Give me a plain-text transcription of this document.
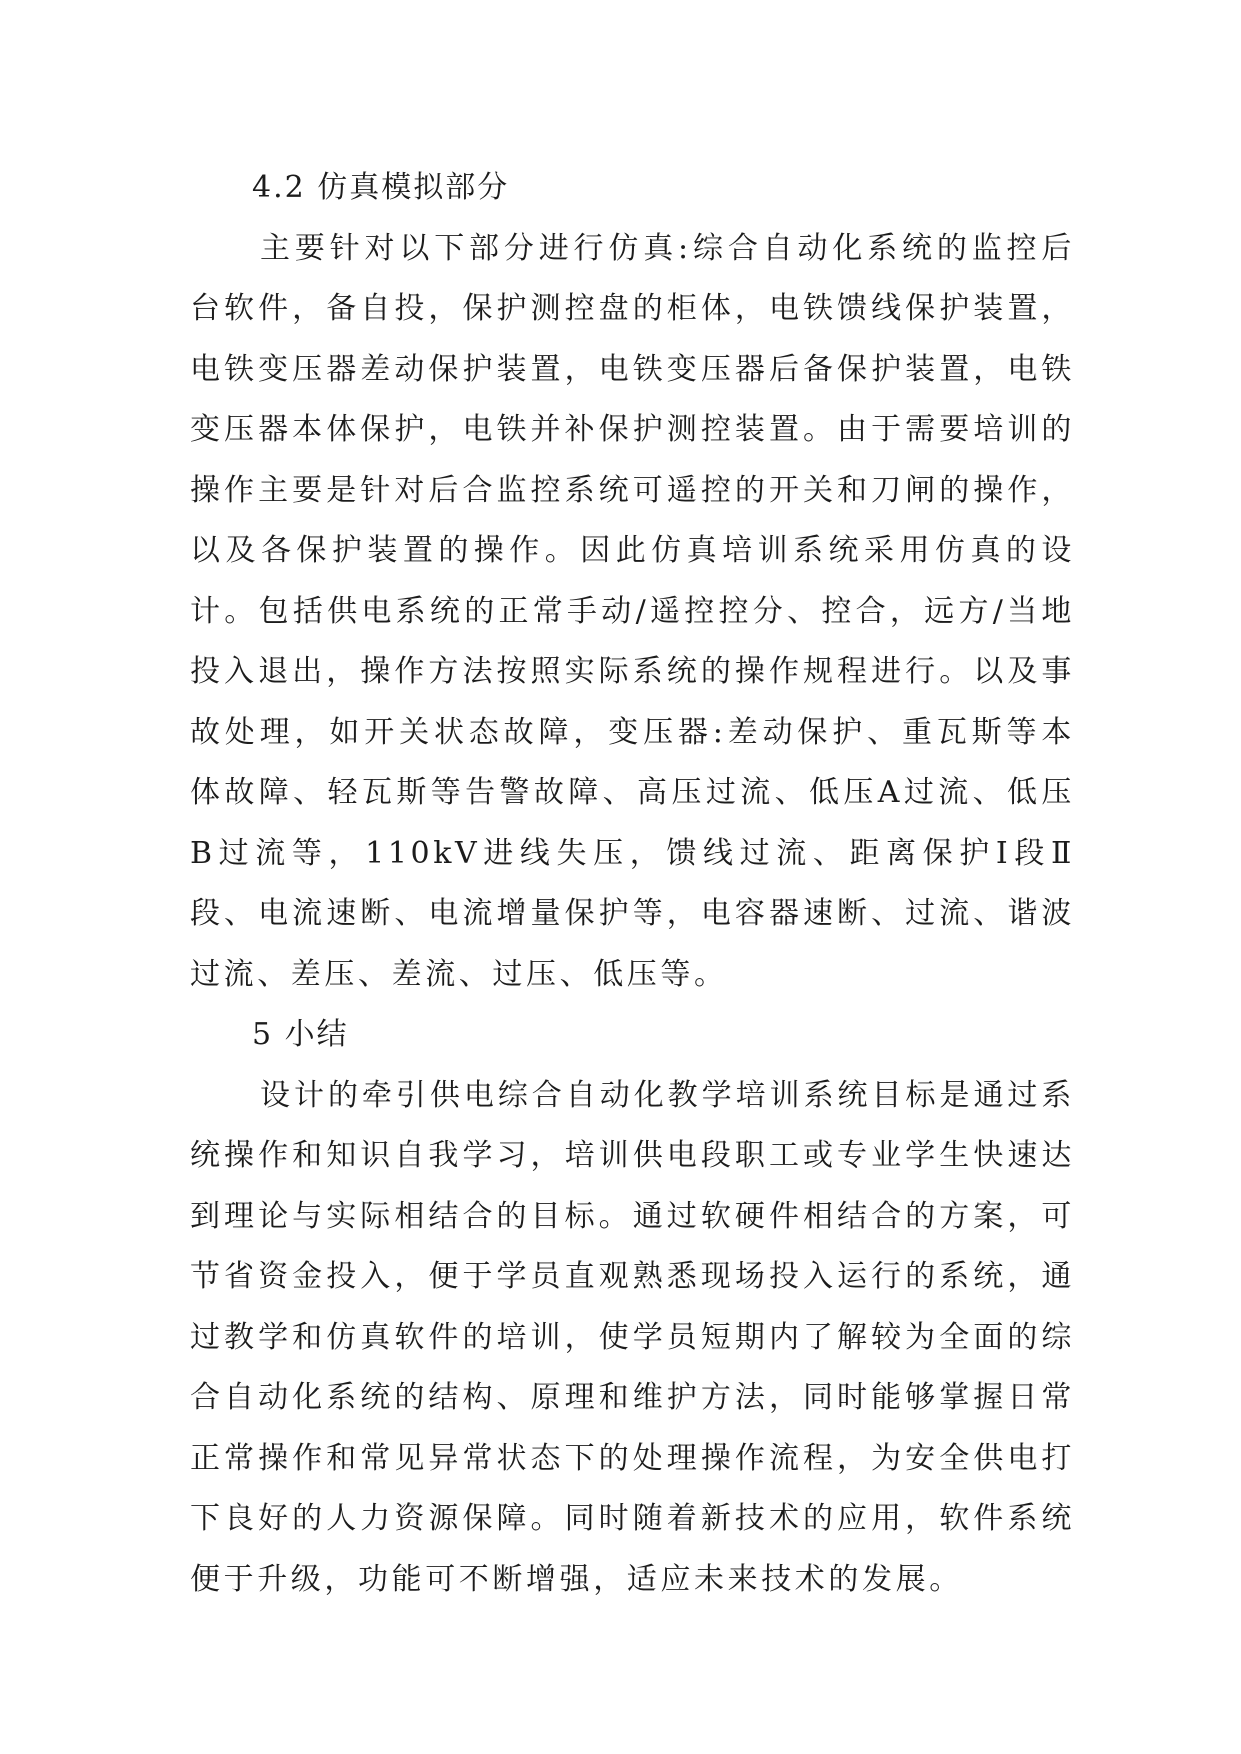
4.2 仿真模拟部分

主要针对以下部分进行仿真:综合自动化系统的监控后台软件，备自投，保护测控盘的柜体，电铁馈线保护装置，电铁变压器差动保护装置，电铁变压器后备保护装置，电铁变压器本体保护，电铁并补保护测控装置。由于需要培训的操作主要是针对后合监控系统可遥控的开关和刀闸的操作，以及各保护装置的操作。因此仿真培训系统采用仿真的设计。包括供电系统的正常手动/遥控控分、控合，远方/当地投入退出，操作方法按照实际系统的操作规程进行。以及事故处理，如开关状态故障，变压器:差动保护、重瓦斯等本体故障、轻瓦斯等告警故障、高压过流、低压A过流、低压B过流等，110kV进线失压，馈线过流、距离保护Ⅰ段Ⅱ段、电流速断、电流增量保护等，电容器速断、过流、谐波过流、差压、差流、过压、低压等。

5 小结

设计的牵引供电综合自动化教学培训系统目标是通过系统操作和知识自我学习，培训供电段职工或专业学生快速达到理论与实际相结合的目标。通过软硬件相结合的方案，可节省资金投入，便于学员直观熟悉现场投入运行的系统，通过教学和仿真软件的培训，使学员短期内了解较为全面的综合自动化系统的结构、原理和维护方法，同时能够掌握日常正常操作和常见异常状态下的处理操作流程，为安全供电打下良好的人力资源保障。同时随着新技术的应用，软件系统便于升级，功能可不断增强，适应未来技术的发展。
